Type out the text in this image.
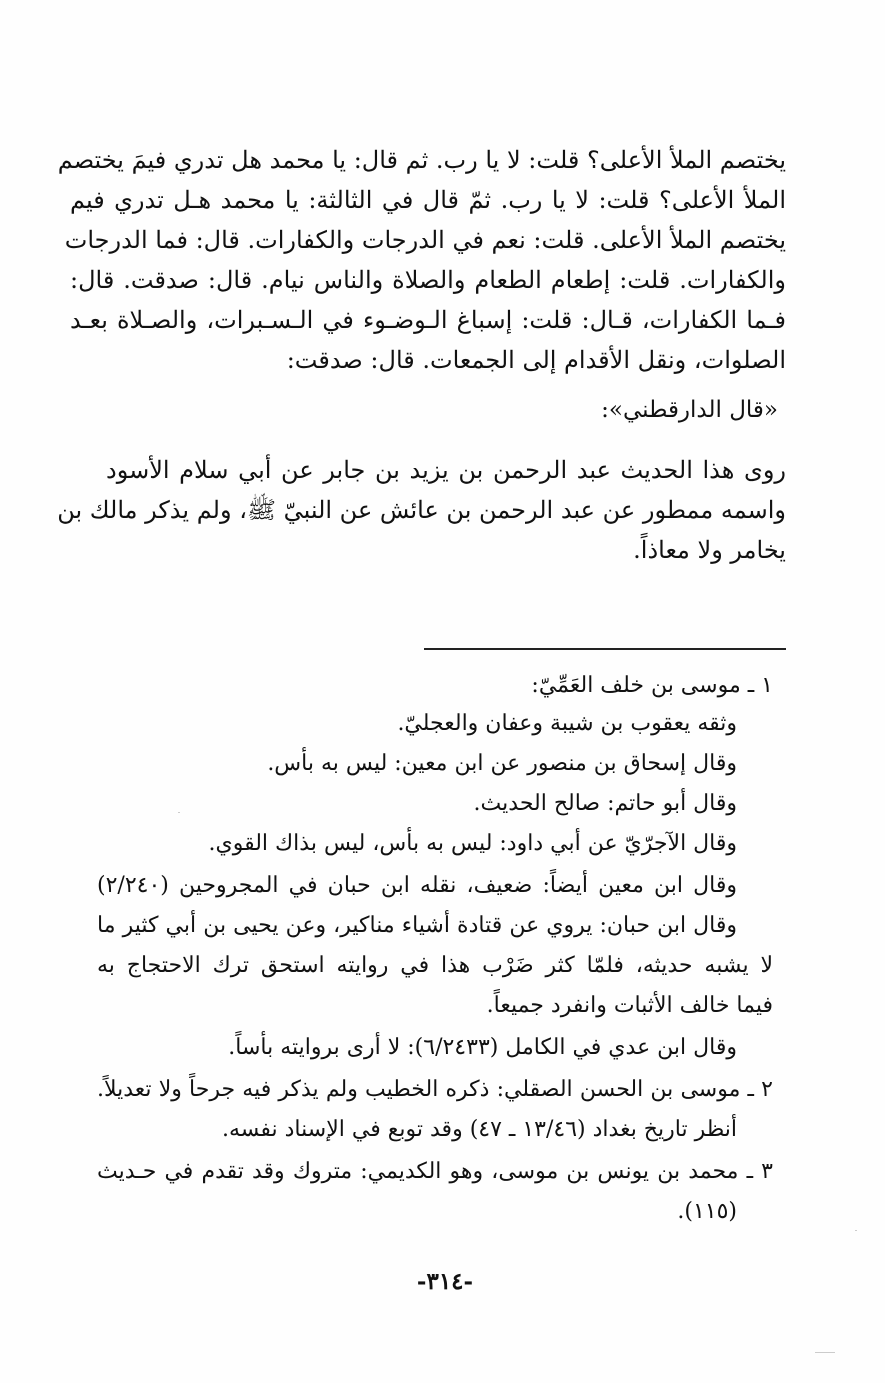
يختصم الملأ الأعلى؟ قلت: لا يا رب. ثم قال: يا محمد هل تدري فيمَ يختصم
الملأ الأعلى؟ قلت: لا يا رب. ثمّ قال في الثالثة: يا محمد هـل تدري فيم
يختصم الملأ الأعلى. قلت: نعم في الدرجات والكفارات. قال: فما الدرجات
والكفارات. قلت: إطعام الطعام والصلاة والناس نيام. قال: صدقت. قال:
فـما الكفارات، قـال: قلت: إسباغ الـوضـوء في الـسـبرات، والصـلاة بعـد
الصلوات، ونقل الأقدام إلى الجمعات. قال: صدقت:
«قال الدارقطني»:
روى هذا الحديث عبد الرحمن بن يزيد بن جابر عن أبي سلام الأسود
واسمه ممطور عن عبد الرحمن بن عائش عن النبيّ ﷺ، ولم يذكر مالك بن
يخامر ولا معاذاً.
١ ـ موسى بن خلف العَمِّيّ:
وثقه يعقوب بن شيبة وعفان والعجليّ.
وقال إسحاق بن منصور عن ابن معين: ليس به بأس.
وقال أبو حاتم: صالح الحديث.
وقال الآجرّيّ عن أبي داود: ليس به بأس، ليس بذاك القوي.
وقال ابن معين أيضاً: ضعيف، نقله ابن حبان في المجروحين (٢/٢٤٠)
وقال ابن حبان: يروي عن قتادة أشياء مناكير، وعن يحيى بن أبي كثير ما
لا يشبه حديثه، فلمّا كثر ضَرْب هذا في روايته استحق ترك الاحتجاج به
فيما خالف الأثبات وانفرد جميعاً.
وقال ابن عدي في الكامل (٦/٢٤٣٣): لا أرى بروايته بأساً.
٢ ـ موسى بن الحسن الصقلي: ذكره الخطيب ولم يذكر فيه جرحاً ولا تعديلاً.
أنظر تاريخ بغداد (١٣/٤٦ ـ ٤٧) وقد توبع في الإسناد نفسه.
٣ ـ محمد بن يونس بن موسى، وهو الكديمي: متروك وقد تقدم في حـديث
(١١٥).
-٣١٤-
